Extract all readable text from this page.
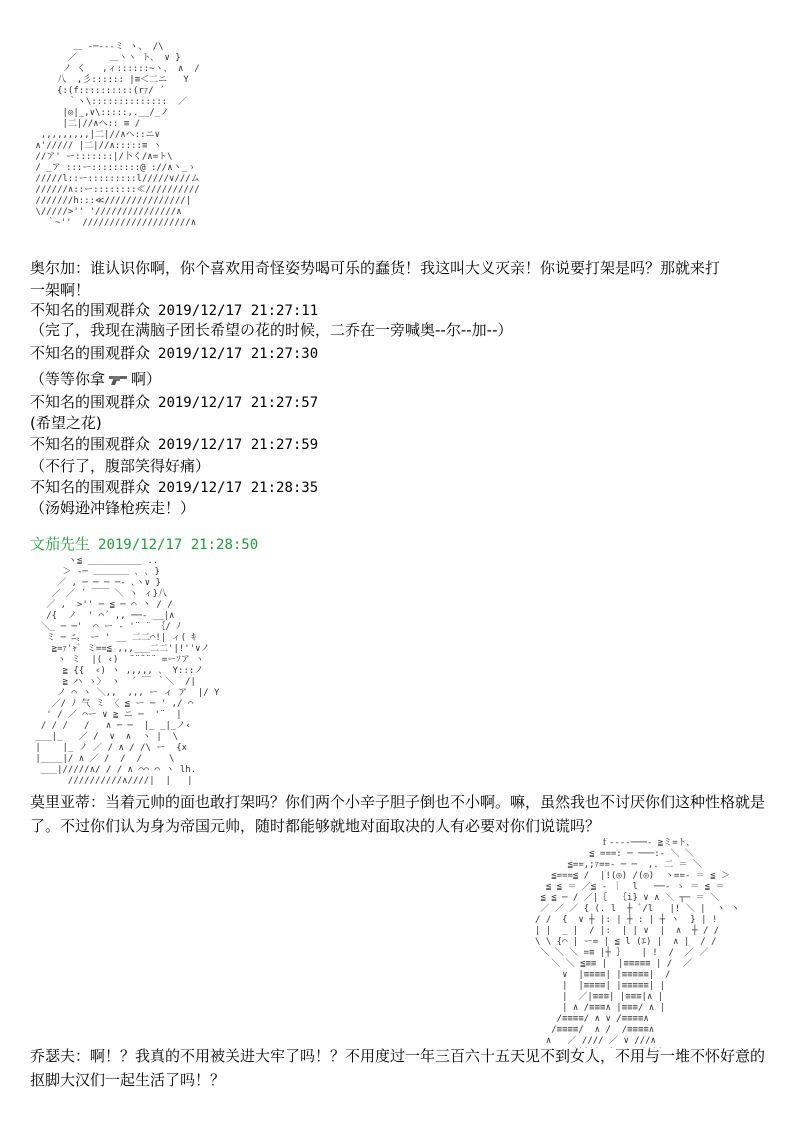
＿ -─‐--ミ ヽ、 /\
／      ＿ヽヽ ト、 ∨ }
ノ く   ,ィ::::::~ヽ、 ∧  /
八  ,彡:::::: |≡＜二ニ   Y
{:(f::::::::::(rｧ/ ´
｀ヽ\::::::::::::::  ／
|◎|_,∨\:::::,.__/_ノ
|二|//∧ヘ:: ≡ /
,,,,,,,,,|二|//∧ヘ::ニ∨
∧'///// |二|//∧:::::≡ ヽ
//ア' ー:::::::|/卜く/∧=ト\
/ _ア :::ー:::::::::@ ://∧丶_ゝ
/////l::ー:::::::::l/////∨///ム
//////∧::ー::::::::≪//////////
///////h:::≪///////////////|
\/////>'' '///////////////∧
｀~''  ////////////////////∧
奥尔加：谁认识你啊，你个喜欢用奇怪姿势喝可乐的蠢货！我这叫大义灭亲！你说要打架是吗？那就来打
一架啊！
不知名的围观群众 2019/12/17 21:27:11
（完了，我现在满脑子团长希望の花的时候，二乔在一旁喊奥--尔--加--）
不知名的围观群众 2019/12/17 21:27:30
（等等你拿 啊）
不知名的围观群众 2019/12/17 21:27:57
(希望之花)
不知名的围观群众 2019/12/17 21:27:59
（不行了，腹部笑得好痛）
不知名的围观群众 2019/12/17 21:28:35
（汤姆逊冲锋枪疾走！）
文茄先生 2019/12/17 21:28:50
ヽ≦ __________ ..
＞ -─ ＿＿＿＿ ､ ､ }
／ , ─ ─ ─ ─‐ ､ヽ∨ }
／ ／ ´ ￣￣ ＼ ヽ ィ}八
／ ,  >'' ─ ≦ ─ ⌒ 丶 / /
/{  ノ  ' ⌒´ ,, ──‐ __|∧
＼_ ─ ─'  ⌒ ー ‐ '¨ ¨ ｛/ ﾉ
ミ ─ ﾆ〟 ー ' __ 二二⌒!| ィ( ｷ
≧=ｧ'ｬﾞ ミ==≦ ,,,___二二'|!''∨ノ
ヽ ミ  |( ‹)  ¨¨¨¨¨ =ーｿア ヽ
≧ {{  ‹) ヽ ,,,,, 、 Y:::ノ
≧ ハ ゝ〉 ヽ  ´ ￣ ｀＼  /|
ノ ⌒ ヽ ＼,,  ,,, ー ィ ア  |/ Y
／/ ﾉ 气 ミ 〈 ≦ ー ─ ' ,/ ⌒
' / ／ ⌒ー ∨ ≧ ニ ─  '¨  |
/ / /   /   ∧ ─ ─  |_ _|_ノ‹
___|_   ／ /  ∨  ∧  ヽ |  \
|    |_ ノ ／ / ∧ / /\ ー  {x
|____|/ ∧ ／ /  /  /     \
___|/////∧/ / / ∧ ⌒⌒ ⌒ ヽ lh.
//////////∧////|  |   |
莫里亚蒂：当着元帅的面也敢打架吗？你们两个小辛子胆子倒也不小啊。嘛，虽然我也不讨厌你们这种性格就是了。不过你们认为身为帝国元帅，随时都能够就地对面取决的人有必要对你们说谎吗？
ｆ--‐‐───‐ ≧ミ=ト、
≦ ===: ─ ───:‐ ＼ ＼
≦==,;ｧ==‐ ─ ─  ,. 二 ＝ ＼
≦===≦ /  |!(◎) /(◎)  ヽ==‐ ＝ ≦ ＞
≦ ≦ ＝ ／≦ ‐ ｜  l   ──‐ ゝ ＝ ≦ ＝
≦ ≦ ─ / ／|｛  ｛i} ∨ ∧ ＼ ┬─ ＝ ＼
／ ／ ／ { (. l  ┼ ﾞ/l   |! ＼ |  ヽ ヽ
/ /  {  ∨ ┼ |: | ┼ : | ┼ ヽ  } | !
| |  _ |  / |:  | | ∨  |  ∧  ┼ / /
\ \ {⌒ | ー= | ≦ l (ｴ) |  ∧ |  / /
＼ ＼ ＼ =≡ |┼ ｝   | !  /  ／ ／
＼ ＼ ≦≡≡ |  |≡≡≡≡≡ | /  ／
∨  |≡≡≡≡| |≡≡≡≡≡|  /
|  |≡≡≡≡| |≡≡≡≡≡| |
|  ／|≡≡≡| |≡≡≡|∧ |
| ∧ /≡≡≡∧ |≡≡≡/ ∧ |
/≡≡≡≡/ ∧ ∨ /≡≡≡≡∧
/≡≡≡≡/  ∧ /  /≡≡≡≡∧
∧   ／ //// ／ ∨ ///∧

乔瑟夫：啊！？我真的不用被关进大牢了吗！？不用度过一年三百六十五天见不到女人，不用与一堆不怀好意的抠脚大汉们一起生活了吗！？
